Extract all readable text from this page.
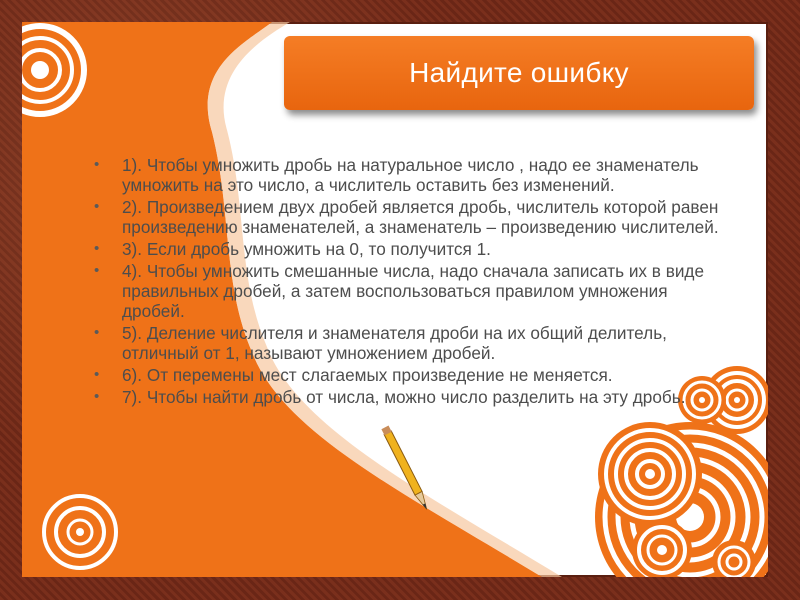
Найдите ошибку
• 1). Чтобы умножить дробь на натуральное число , надо ее знаменатель умножить на это число, а числитель оставить без изменений.
• 2). Произведением двух дробей является дробь, числитель которой равен произведению знаменателей, а знаменатель – произведению числителей.
• 3). Если дробь умножить на 0, то получится 1.
• 4). Чтобы умножить смешанные числа, надо сначала записать их в виде правильных дробей, а затем воспользоваться правилом умножения дробей.
• 5). Деление числителя и знаменателя дроби на их общий делитель, отличный от 1, называют умножением дробей.
• 6). От перемены мест слагаемых произведение не меняется.
• 7). Чтобы найти дробь от числа, можно число разделить на эту дробь.
